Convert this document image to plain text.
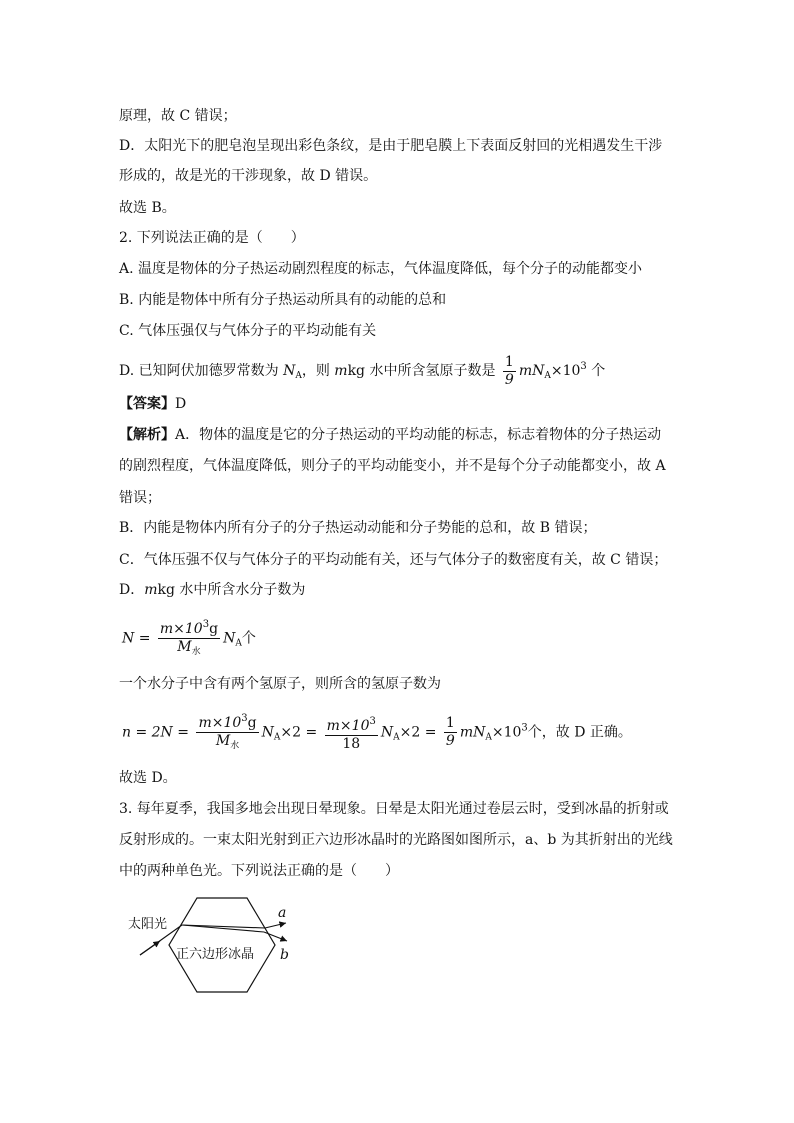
原理，故 C 错误；
D．太阳光下的肥皂泡呈现出彩色条纹，是由于肥皂膜上下表面反射回的光相遇发生干涉
形成的，故是光的干涉现象，故 D 错误。
故选 B。
2. 下列说法正确的是（　　）
A. 温度是物体的分子热运动剧烈程度的标志，气体温度降低，每个分子的动能都变小
B. 内能是物体中所有分子热运动所具有的动能的总和
C. 气体压强仅与气体分子的平均动能有关
D. 已知阿伏加德罗常数为 $N_A$，则 mkg 水中所含氢原子数是 $\frac{1}{9} mN_A\times 10^3$ 个
【答案】D
【解析】A．物体的温度是它的分子热运动的平均动能的标志，标志着物体的分子热运动
的剧烈程度，气体温度降低，则分子的平均动能变小，并不是每个分子动能都变小，故 A
错误；
B．内能是物体内所有分子的分子热运动动能和分子势能的总和，故 B 错误；
C．气体压强不仅与气体分子的平均动能有关，还与气体分子的数密度有关，故 C 错误；
D．mkg 水中所含水分子数为
$N = \frac{m\times 10^3g}{M_水} N_A$个
一个水分子中含有两个氢原子，则所含的氢原子数为
$n = 2N = \frac{m\times 10^3g}{M_水} N_A\times 2 = \frac{m\times 10^3}{18} N_A\times 2 = \frac{1}{9} mN_A\times 10^3$个，故 D 正确。
故选 D。
3. 每年夏季，我国多地会出现日晕现象。日晕是太阳光通过卷层云时，受到冰晶的折射或
反射形成的。一束太阳光射到正六边形冰晶时的光路图如图所示，a、b 为其折射出的光线
中的两种单色光。下列说法正确的是（　　）
太阳光
正六边形冰晶
a
b
